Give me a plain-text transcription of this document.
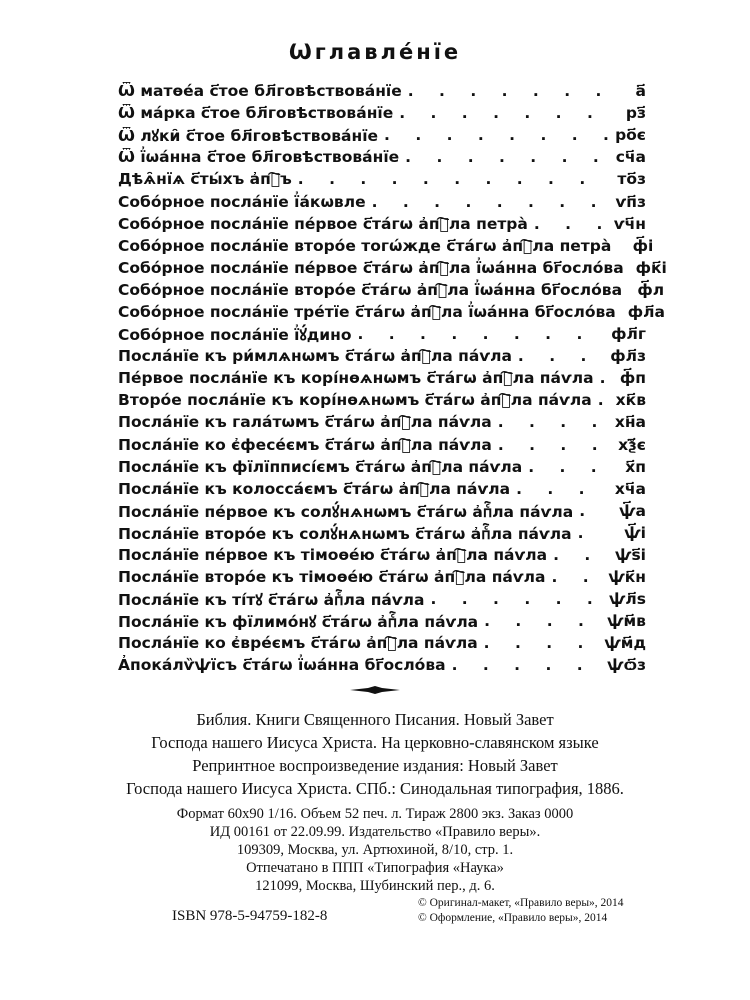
Ѡглавле́нїе
Ѿ матѳе́а с҃тое бл҃говѣствова́нїе . . .	а҃
Ѿ ма́рка с҃тое бл҃говѣствова́нїе . . .	рз҃
Ѿ лꙋки̑ с҃тое бл҃говѣствова́нїе . . .	ро҃є
Ѿ ї҆ѡа́нна с҃тое бл҃говѣствова́нїе . . .	сч҃а
Дѣѧ̑нїѧ с҃ты́хъ а҆пⷧ҇ъ . . .	то҃з
Собо́рное посла́нїе ї҆а́кѡвле . . .	ѵп҃з
Собо́рное посла́нїе пе́рвое с҃та́гѡ а҆пⷭ҇ла петра̀ . . .	ѵч҃н
Собо́рное посла́нїе второ́е тогѡ́жде с҃та́гѡ а҆пⷭ҇ла петра̀	ф҃і
Собо́рное посла́нїе пе́рвое с҃та́гѡ а҆пⷭ҇ла ї҆ѡа́нна бг҃осло́ва фк҃і
Собо́рное посла́нїе второ́е с҃та́гѡ а҆пⷭ҇ла ї҆ѡа́нна бг҃осло́ва ф҃л
Собо́рное посла́нїе тре́тїе с҃та́гѡ а҆пⷭ҇ла ї҆ѡа́нна бг҃осло́ва фл҃а
Собо́рное посла́нїе ї҆ꙋ́дино . . .	фл҃г
Посла́нїе къ ри́млѧнѡмъ с҃та́гѡ а҆пⷭ҇ла па́ѵла . . .	фл҃з
Пе́рвое посла́нїе къ корі́нѳѧнѡмъ с҃та́гѡ а҆пⷭ҇ла па́ѵла . . . ф҃п
Второ́е посла́нїе къ корі́нѳѧнѡмъ с҃та́гѡ а҆пⷭ҇ла па́ѵла . . . хк҃в
Посла́нїе къ гала́тѡмъ с҃та́гѡ а҆пⷭ҇ла па́ѵла . . .	хн҃а
Посла́нїе ко є҆фесе́ємъ с҃та́гѡ а҆пⷭ҇ла па́ѵла . . .	хѯ҃є
Посла́нїе къ фїлїпписі́ємъ с҃та́гѡ а҆пⷭ҇ла па́ѵла . . .	х҃п
Посла́нїе къ колосса́ємъ с҃та́гѡ а҆пⷭ҇ла па́ѵла . . .	хч҃а
Посла́нїе пе́рвое къ солꙋ́нѧнѡмъ с҃та́гѡ а҆пⷭ҇ла па́ѵла . . .	ѱ҃а
Посла́нїе второ́е къ солꙋ́нѧнѡмъ с҃та́гѡ а҆пⷭ҇ла па́ѵла . . .	ѱ҃і
Посла́нїе пе́рвое къ тімоѳе́ю с҃та́гѡ а҆пⷭ҇ла па́ѵла . . .	ѱѕ҃і
Посла́нїе второ́е къ тімоѳе́ю с҃та́гѡ а҆пⷭ҇ла па́ѵла . . .	ѱк҃н
Посла́нїе къ ті́тꙋ с҃та́гѡ а҆пⷭ҇ла па́ѵла . . .	ѱл҃ѕ
Посла́нїе къ фїлимо́нꙋ с҃та́гѡ а҆пⷭ҇ла па́ѵла . . .	ѱм҃в
Посла́нїе ко є҆вре́ємъ с҃та́гѡ а҆пⷭ҇ла па́ѵла . . .	ѱм҃д
А҆пока́лѷѱїсъ с҃та́гѡ ї҆ѡа́нна бг҃осло́ва . . .	ѱѻ҃з
Библия. Книги Священного Писания. Новый Завет
Господа нашего Иисуса Христа. На церковно-славянском языке
Репринтное воспроизведение издания: Новый Завет
Господа нашего Иисуса Христа. СПб.: Синодальная типография, 1886.
Формат 60x90 1/16. Объем 52 печ. л. Тираж 2800 экз. Заказ 0000
ИД 00161 от 22.09.99. Издательство «Правило веры».
109309, Москва, ул. Артюхиной, 8/10, стр. 1.
Отпечатано в ППП «Типография «Наука»
121099, Москва, Шубинский пер., д. 6.
ISBN 978-5-94759-182-8
© Оригинал-макет, «Правило веры», 2014
© Оформление, «Правило веры», 2014
